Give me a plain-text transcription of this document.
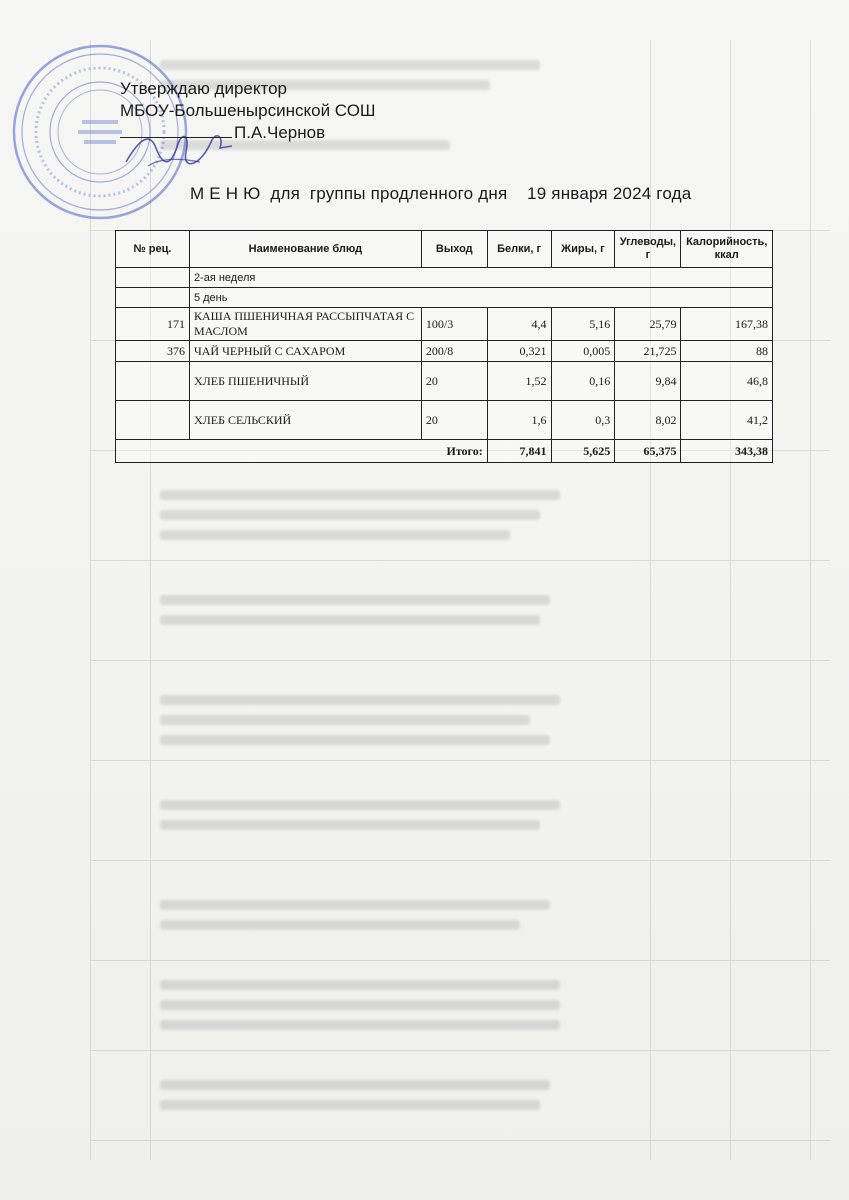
Утверждаю директор
МБОУ-Большенырсинской СОШ
П.А.Чернов
М Е Н Ю  для  группы продленного дня    19 января 2024 года
№ рец.	Наименование блюд	Выход	Белки, г	Жиры, г	Углеводы, г	Калорийность, ккал
	2-ая неделя					
	5 день					
171	КАША ПШЕНИЧНАЯ РАССЫПЧАТАЯ С МАСЛОМ	100/3	4,4	5,16	25,79	167,38
376	ЧАЙ ЧЕРНЫЙ С САХАРОМ	200/8	0,321	0,005	21,725	88
	ХЛЕБ ПШЕНИЧНЫЙ	20	1,52	0,16	9,84	46,8
	ХЛЕБ СЕЛЬСКИЙ	20	1,6	0,3	8,02	41,2
Итого:			7,841	5,625	65,375	343,38
